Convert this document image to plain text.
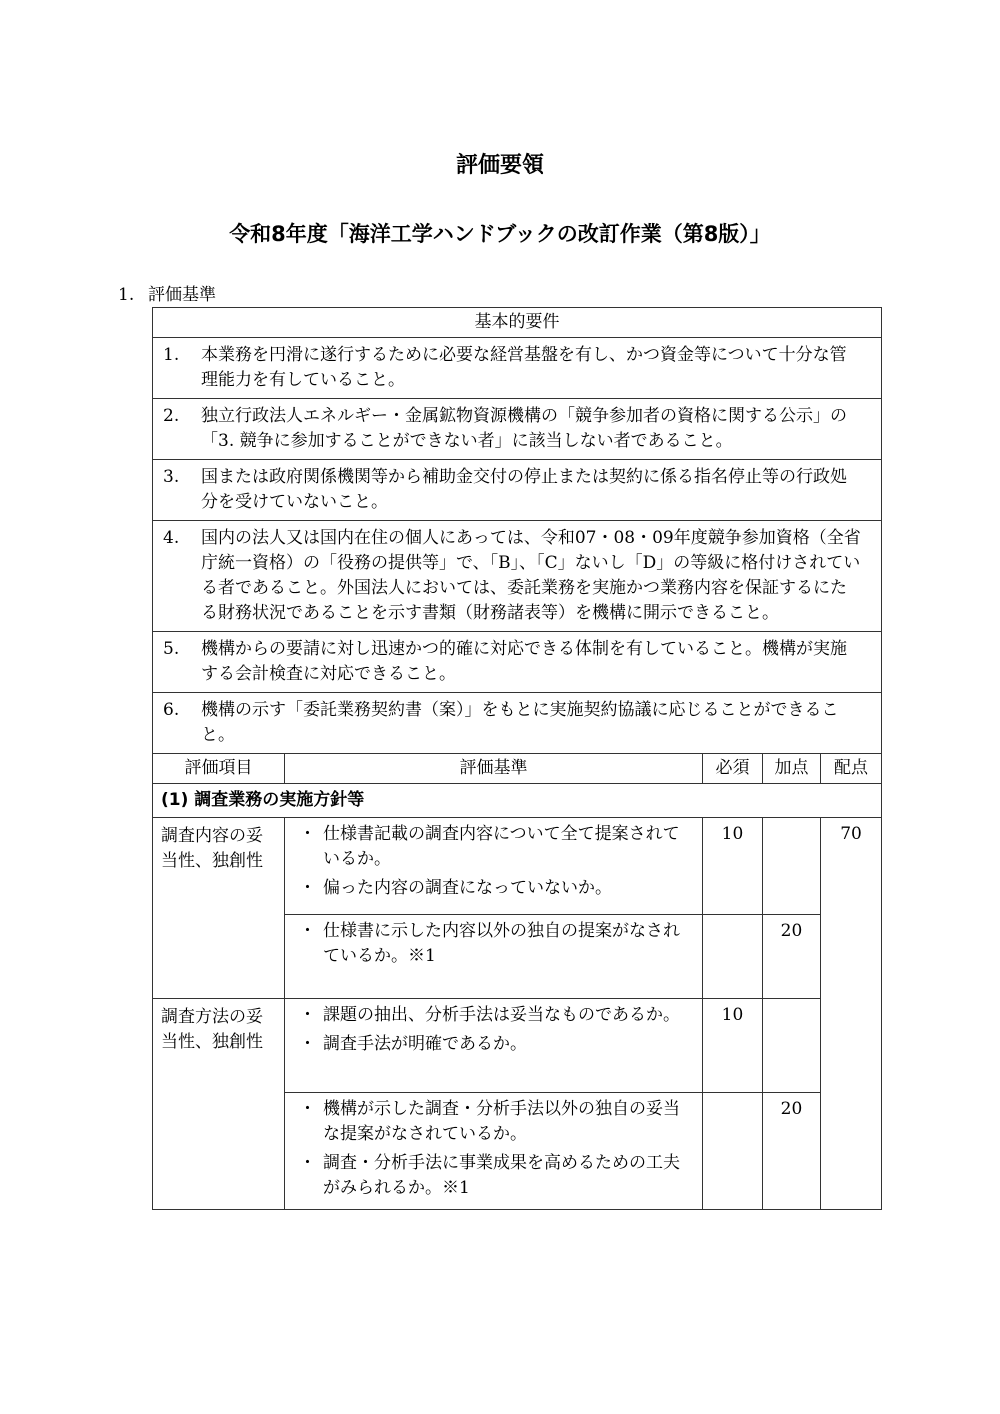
評価要領
令和8年度「海洋工学ハンドブックの改訂作業（第8版）」
1. 評価基準
基本的要件				

1. 本業務を円滑に遂行するために必要な経営基盤を有し、かつ資金等について十分な管理能力を有していること。				

2. 独立行政法人エネルギー・金属鉱物資源機構の「競争参加者の資格に関する公示」の「3. 競争に参加することができない者」に該当しない者であること。				

3. 国または政府関係機関等から補助金交付の停止または契約に係る指名停止等の行政処分を受けていないこと。				

4. 国内の法人又は国内在住の個人にあっては、令和07・08・09年度競争参加資格（全省庁統一資格）の「役務の提供等」で、「B」、「C」ないし「D」の等級に格付けされている者であること。外国法人においては、委託業務を実施かつ業務内容を保証するにたる財務状況であることを示す書類（財務諸表等）を機構に開示できること。				

5. 機構からの要請に対し迅速かつ的確に対応できる体制を有していること。機構が実施する会計検査に対応できること。				

6. 機構の示す「委託業務契約書（案）」をもとに実施契約協議に応じることができること。				

評価項目	評価基準	必須	加点	配点
(1) 調査業務の実施方針等				
調査内容の妥当性、独創性	・ 仕様書記載の調査内容について全て提案されているか。
・ 偏った内容の調査になっていないか。	10		70

	・ 仕様書に示した内容以外の独自の提案がなされているか。※1		20	
調査方法の妥当性、独創性	・ 課題の抽出、分析手法は妥当なものであるか。
・ 調査手法が明確であるか。	10		

	・ 機構が示した調査・分析手法以外の独自の妥当な提案がなされているか。
・ 調査・分析手法に事業成果を高めるための工夫がみられるか。※1		20	
